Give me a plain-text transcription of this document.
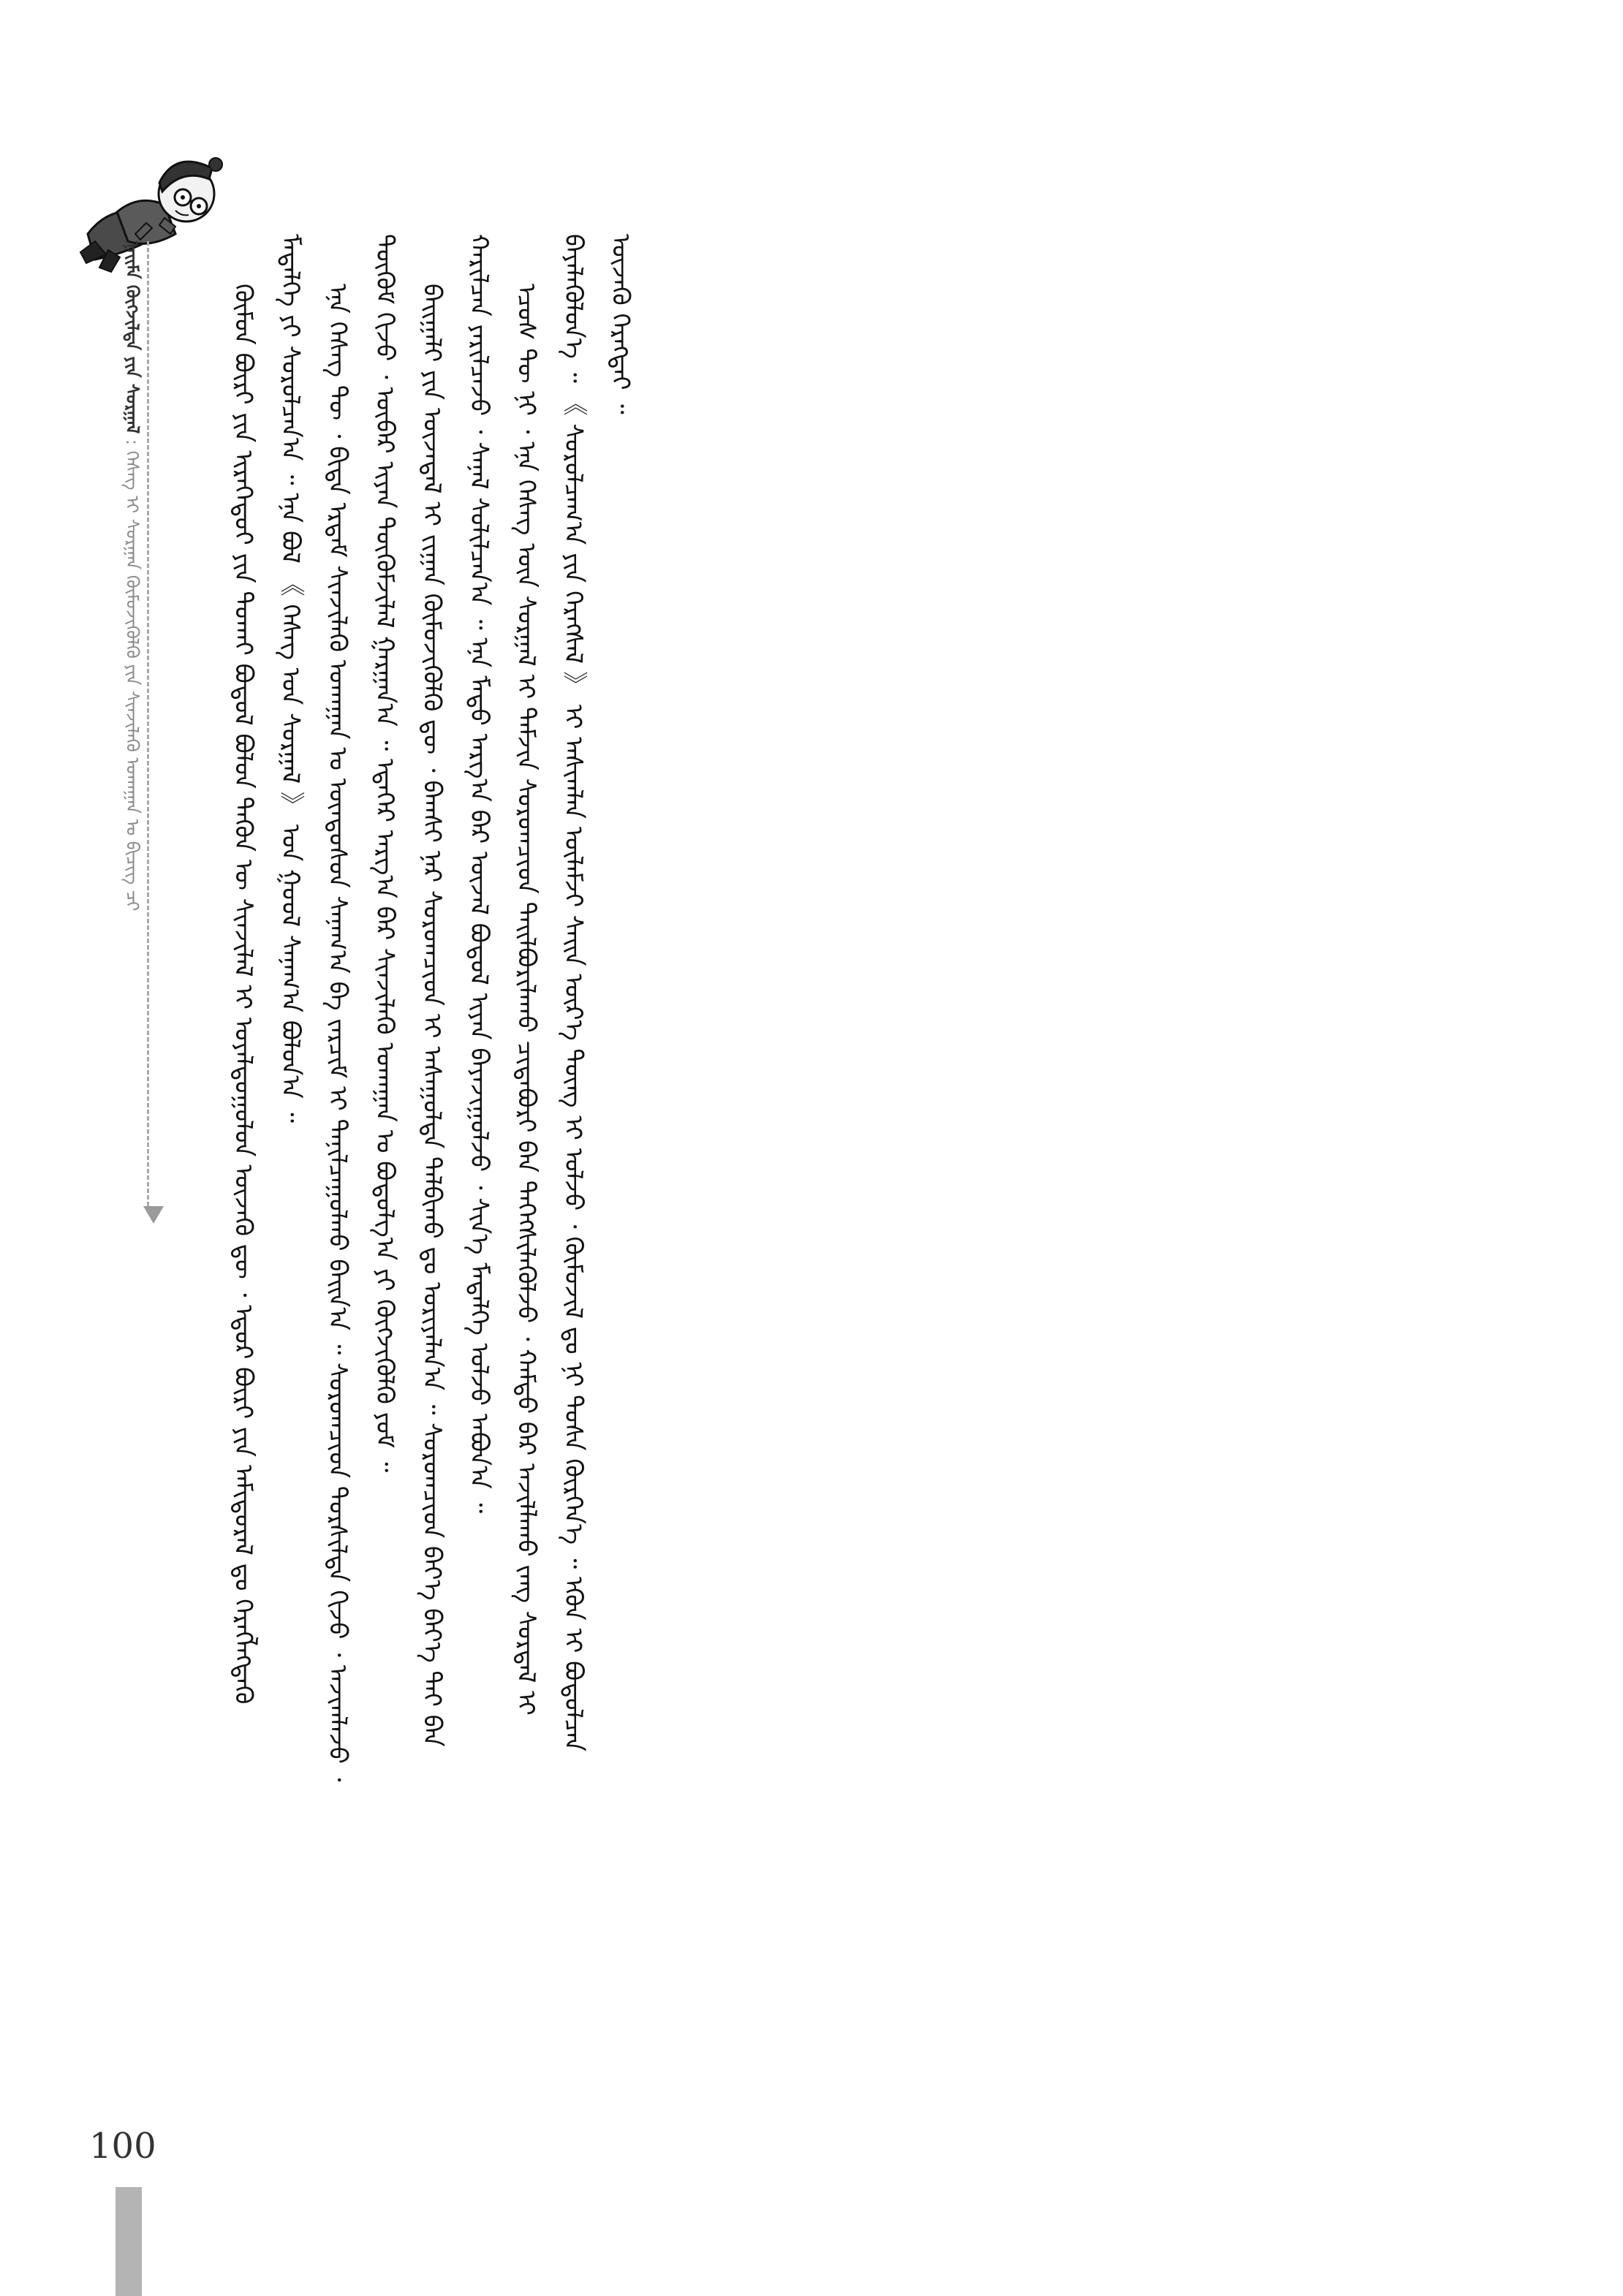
ᠨᠠᠢᠮᠠ ᠬᠦᠭᠵᠢᠯᠲᠡ ᠶᠢᠨ ᠰᠤᠷᠭᠠᠯ : ᠬᠡᠰᠡᠭ ᠢ ᠰᠤᠷᠭᠠᠨ ᠬᠦᠮᠦᠵᠢᠭᠦᠯᠬᠦ ᠶᠢᠨ ᠰᠢᠨᠵᠢᠯᠡᠬᠦ ᠤᠬᠠᠭᠠᠨ ᠤ ᠪᠢᠴᠢᠭ ᠴᠢ	ᠬᠦᠮᠦᠨ ᠪᠦᠷᠢ ᠶᠢᠨ ᠢᠷᠡᠭᠡᠳᠦᠢ ᠶᠢᠨ ᠲᠤᠬᠠᠢ ᠪᠣᠳᠣᠯ ᠪᠣᠯᠤᠨ ᠲᠡᠭᠦᠨ ᠦ ᠰᠢᠨᠵᠢᠯᠡᠯ ᠢ ᠤᠶᠠᠯᠳᠤᠭᠤᠯᠤᠨ ᠦᠵᠡᠬᠦ ᠳᠦ ᠂ ᠡᠳᠦᠷ ᠪᠦᠷᠢ ᠶᠢᠨ ᠠᠮᠢᠳᠤᠷᠠᠯ ᠳᠤ ᠬᠡᠷᠡᠭᠯᠡᠭᠳᠡᠬᠦ ᠮᠡᠳᠡᠯᠭᠡ ᠶᠢ ᠰᠤᠷᠤᠯᠴᠠᠨ᠎ᠠ ᠃ ᠡᠨᠡ ᠪᠣᠯ 《 ᠬᠡᠰᠡᠭ ᠤᠨ ᠰᠤᠷᠭᠠᠯ 》 ᠤᠨ ᠭᠣᠣᠯ ᠰᠠᠨᠠᠭ᠎ᠠ ᠪᠣᠯᠤᠨ᠎ᠠ ᠃ ᠡᠨᠡ ᠬᠡᠰᠡᠭ ᠲᠦ ᠂ ᠪᠢᠳᠡ ᠡᠷᠳᠡᠮ ᠰᠢᠨᠵᠢᠯᠡᠬᠦ ᠤᠬᠠᠭᠠᠨ ᠤ ᠦᠨᠳᠦᠰᠦᠨ ᠰᠠᠨᠠᠭ᠎ᠠ ᠪᠠ ᠵᠠᠷᠴᠢᠮ ᠢ ᠲᠠᠨᠢᠯᠴᠠᠭᠤᠯᠬᠤ ᠪᠠᠢᠨ᠎ᠠ ᠃ ᠰᠤᠷᠤᠭᠴᠢᠳ ᠲᠤᠷᠰᠢᠯᠲᠠ ᠬᠢᠵᠦ ᠂ ᠠᠵᠢᠭᠯᠠᠵᠤ ᠂ ᠳᠦᠭᠦᠮ ᠬᠢᠵᠦ ᠂ ᠦᠪᠡᠷ ᠢᠶᠡᠨ ᠳᠦᠭᠦᠮᠵᠢᠯᠡᠯ ᠭᠠᠷᠭᠠᠨ᠎ᠠ ᠃ ᠡᠳᠡᠭᠡᠷ ᠠᠷᠭ᠎ᠠ ᠪᠠᠷ ᠰᠢᠨᠵᠢᠯᠡᠬᠦ ᠤᠬᠠᠭᠠᠨ ᠤ ᠪᠣᠳᠣᠯᠭ᠎ᠠ ᠶᠢ ᠬᠥᠭᠵᠢᠭᠦᠯᠬᠦ ᠶᠤᠮ ᠃ ᠪᠠᠢᠭᠠᠯᠢ ᠶᠢᠨ ᠦᠵᠡᠳᠡᠯ ᠢ ᠵᠢᠭᠠᠨ ᠬᠦᠮᠦᠵᠢᠭᠦᠯᠬᠦ ᠳᠦ ᠂ ᠪᠠᠭᠰᠢ ᠨᠠᠷ ᠰᠤᠷᠤᠭᠴᠢᠳ ᠢ ᠠᠰᠠᠭᠤᠯᠲᠠ ᠲᠠᠯᠪᠢᠬᠤ ᠳᠤ ᠤᠷᠢᠶᠠᠯᠠᠨ᠎ᠠ ᠃ ᠰᠤᠷᠤᠭᠴᠢᠳ ᠪᠡᠶ᠎ᠡ ᠪᠡᠶ᠎ᠡ ᠲᠡᠢ ᠪᠠᠨ ᠬᠠᠷᠢᠯᠴᠠᠨ ᠶᠠᠷᠢᠯᠴᠠᠵᠤ ᠂ ᠰᠠᠨᠠᠯ ᠰᠣᠯᠢᠯᠴᠠᠨ᠎ᠠ ᠃ ᠡᠨᠡ ᠮᠡᠲᠦ ᠠᠷᠭ᠎ᠠ ᠪᠠᠷ ᠦᠵᠡᠯ ᠪᠣᠳᠣᠯ ᠢᠶᠠᠨ ᠪᠠᠶᠠᠵᠢᠭᠤᠯᠵᠤ ᠂ ᠰᠢᠨ᠎ᠡ ᠮᠡᠳᠡᠯᠭᠡ ᠣᠯᠵᠤ ᠠᠪᠤᠨ᠎ᠠ ᠃ ᠡᠴᠦᠰ ᠲᠦ ᠨᠢ ᠂ ᠡᠨᠡ ᠬᠡᠰᠡᠭ ᠦᠨ ᠰᠤᠷᠭᠠᠯ ᠢ ᠳᠠᠮᠵᠢᠨ ᠰᠤᠷᠤᠭᠴᠢᠳ ᠲᠠᠢᠯᠪᠤᠷᠢᠯᠠᠬᠤ ᠴᠢᠳᠠᠪᠤᠷᠢ ᠪᠠᠨ ᠳᠡᠭᠡᠭᠰᠢᠯᠡᠭᠦᠯᠵᠦ ᠂ ᠬᠠᠮᠲᠤ ᠪᠠᠷ ᠠᠵᠢᠯᠯᠠᠬᠤ ᠵᠠᠩ ᠰᠤᠷᠲᠠᠯ ᠢ ᠪᠡᠶᠡᠯᠡᠭᠦᠯᠦᠨ᠎ᠡ ᠃ 《 ᠰᠤᠷᠤᠯᠴᠠᠭ᠎ᠠ ᠶᠢᠨ ᠬᠡᠷᠡᠭᠰᠡᠯ 》 ᠢ ᠠᠰᠢᠭᠯᠠᠨ ᠦᠯᠡᠮᠵᠢ ᠰᠠᠢᠨ ᠦᠷ᠎ᠡ ᠳᠦᠩ ᠢ ᠣᠯᠵᠤ ᠂ ᠬᠦᠮᠦᠵᠢᠯ ᠳᠤ ᠨᠢ ᠲᠤᠰᠠ ᠬᠦᠷᠭᠡᠨ᠎ᠡ ᠃ ᠡᠭᠦᠨ ᠢ ᠪᠤᠳᠤᠯᠴᠠᠨ ᠦᠵᠡᠬᠦ ᠬᠡᠷᠡᠭᠲᠡᠢ ᠃

100
